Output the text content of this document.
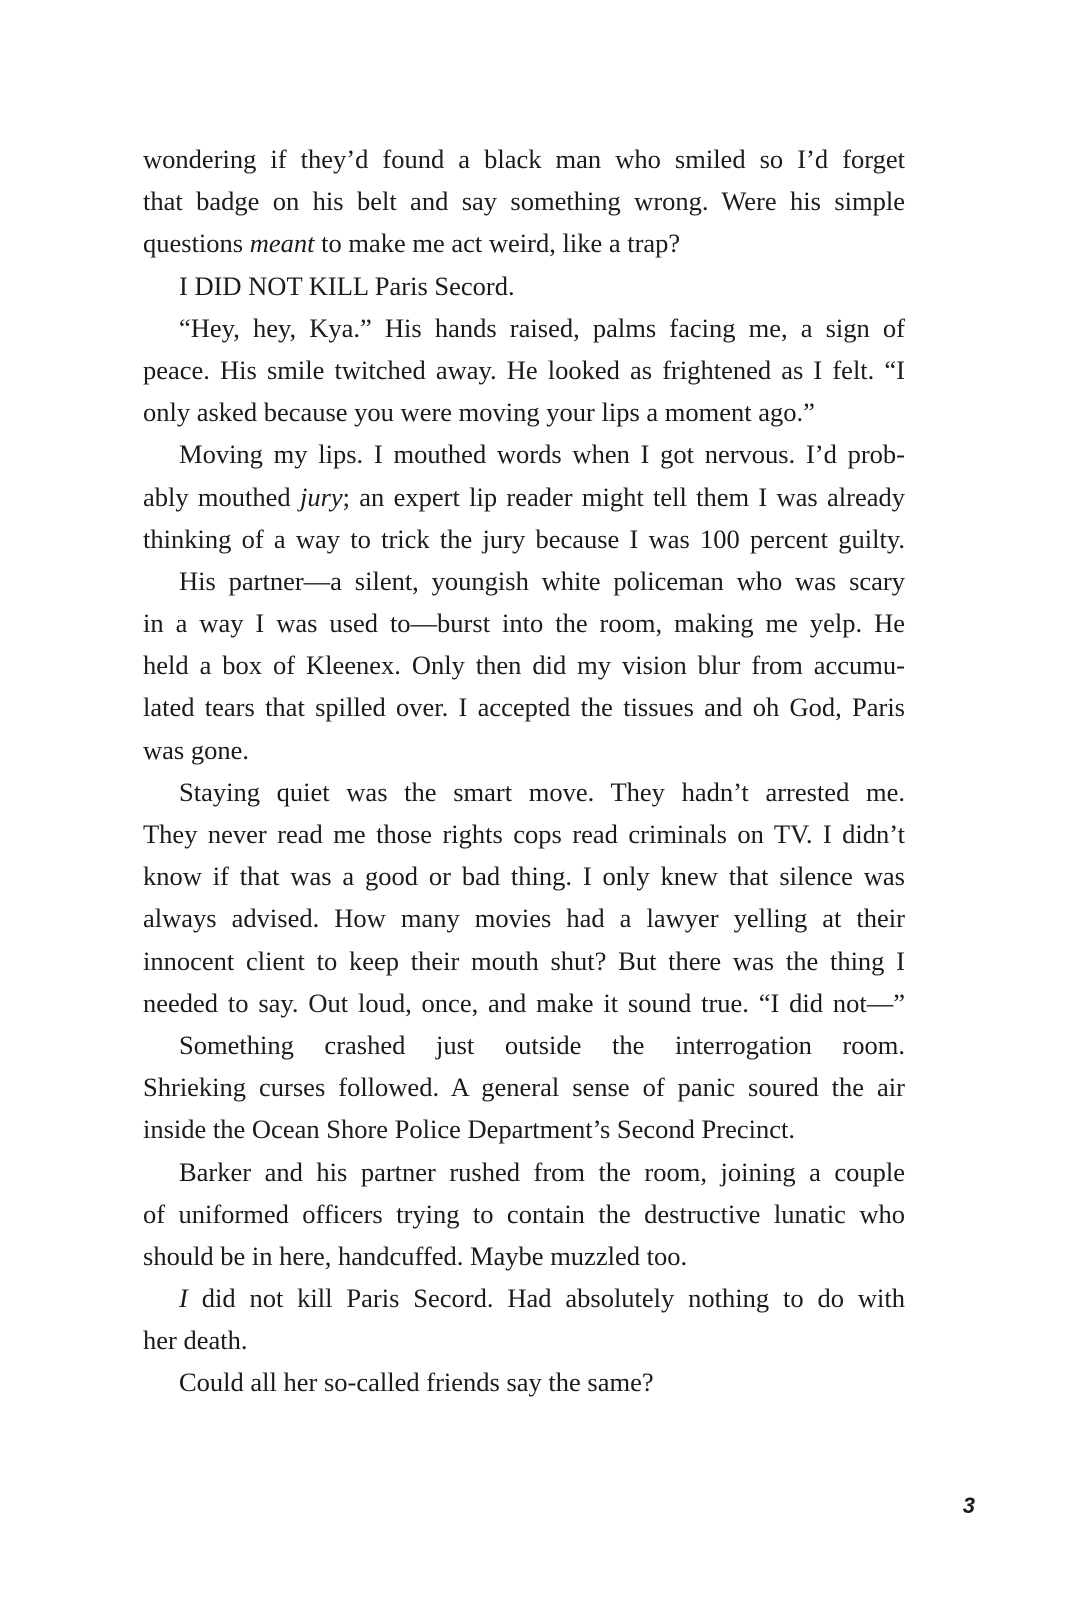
wondering if they’d found a black man who smiled so I’d forget
that badge on his belt and say something wrong. Were his simple
questions meant to make me act weird, like a trap?
I DID NOT KILL Paris Secord.
“Hey, hey, Kya.” His hands raised, palms facing me, a sign of
peace. His smile twitched away. He looked as frightened as I felt. “I
only asked because you were moving your lips a moment ago.”
Moving my lips. I mouthed words when I got nervous. I’d prob-
ably mouthed jury; an expert lip reader might tell them I was already
thinking of a way to trick the jury because I was 100 percent guilty.
His partner—a silent, youngish white policeman who was scary
in a way I was used to—burst into the room, making me yelp. He
held a box of Kleenex. Only then did my vision blur from accumu-
lated tears that spilled over. I accepted the tissues and oh God, Paris
was gone.
Staying quiet was the smart move. They hadn’t arrested me.
They never read me those rights cops read criminals on TV. I didn’t
know if that was a good or bad thing. I only knew that silence was
always advised. How many movies had a lawyer yelling at their
innocent client to keep their mouth shut? But there was the thing I
needed to say. Out loud, once, and make it sound true. “I did not—”
Something crashed just outside the interrogation room.
Shrieking curses followed. A general sense of panic soured the air
inside the Ocean Shore Police Department’s Second Precinct.
Barker and his partner rushed from the room, joining a couple
of uniformed officers trying to contain the destructive lunatic who
should be in here, handcuffed. Maybe muzzled too.
I did not kill Paris Secord. Had absolutely nothing to do with
her death.
Could all her so-called friends say the same?
3
